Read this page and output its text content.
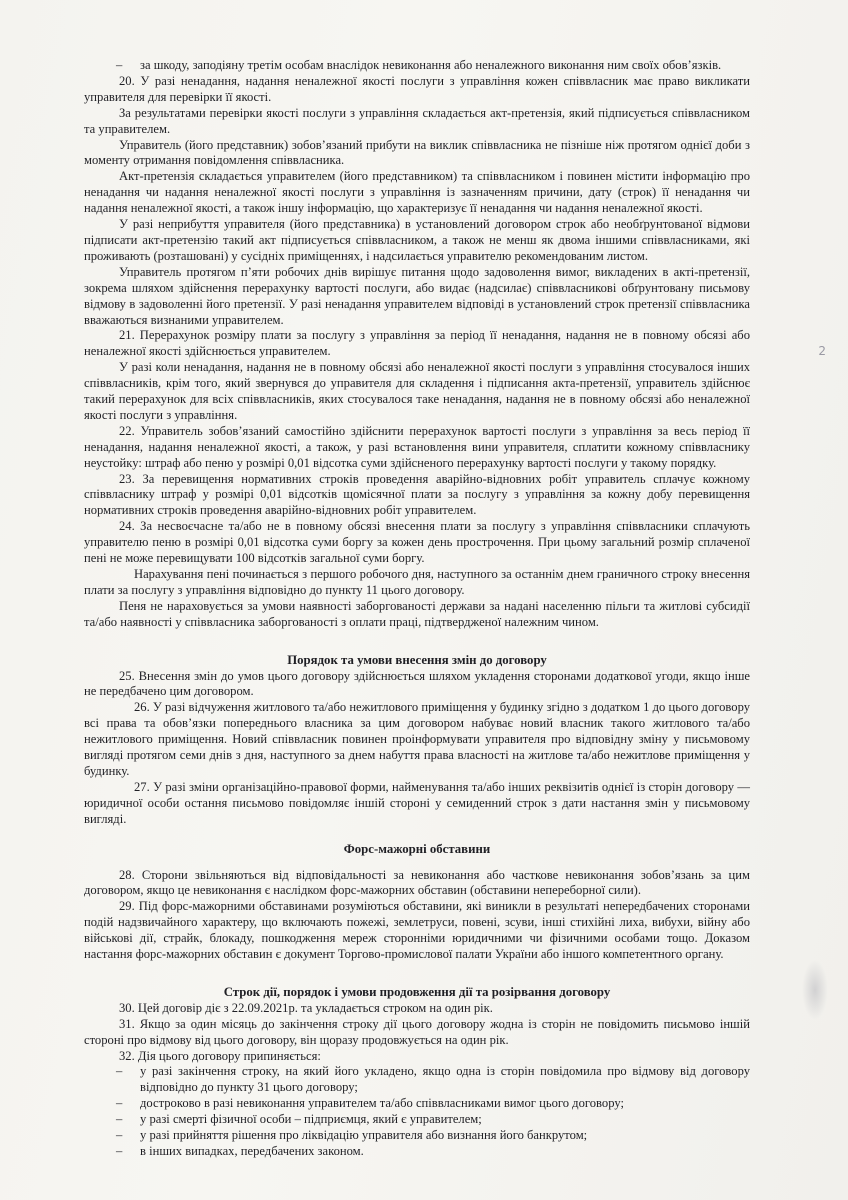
2
– за шкоду, заподіяну третім особам внаслідок невиконання або неналежного виконання ним своїх обов’язків.

20. У разі ненадання, надання неналежної якості послуги з управління кожен співвласник має право викликати управителя для перевірки її якості.

За результатами перевірки якості послуги з управління складається акт-претензія, який підписується співвласником та управителем.

Управитель (його представник) зобов’язаний прибути на виклик співвласника не пізніше ніж протягом однієї доби з моменту отримання повідомлення співвласника.

Акт-претензія складається управителем (його представником) та співвласником і повинен містити інформацію про ненадання чи надання неналежної якості послуги з управління із зазначенням причини, дату (строк) її ненадання чи надання неналежної якості, а також іншу інформацію, що характеризує її ненадання чи надання неналежної якості.

У разі неприбуття управителя (його представника) в установлений договором строк або необґрунтованої відмови підписати акт-претензію такий акт підписується співвласником, а також не менш як двома іншими співвласниками, які проживають (розташовані) у сусідніх приміщеннях, і надсилається управителю рекомендованим листом.

Управитель протягом п’яти робочих днів вирішує питання щодо задоволення вимог, викладених в акті-претензії, зокрема шляхом здійснення перерахунку вартості послуги, або видає (надсилає) співвласникові обґрунтовану письмову відмову в задоволенні його претензії. У разі ненадання управителем відповіді в установлений строк претензії співвласника вважаються визнаними управителем.

21. Перерахунок розміру плати за послугу з управління за період її ненадання, надання не в повному обсязі або неналежної якості здійснюється управителем.

У разі коли ненадання, надання не в повному обсязі або неналежної якості послуги з управління стосувалося інших співвласників, крім того, який звернувся до управителя для складення і підписання акта-претензії, управитель здійснює такий перерахунок для всіх співвласників, яких стосувалося таке ненадання, надання не в повному обсязі або неналежної якості послуги з управління.

22. Управитель зобов’язаний самостійно здійснити перерахунок вартості послуги з управління за весь період її ненадання, надання неналежної якості, а також, у разі встановлення вини управителя, сплатити кожному співвласнику неустойку: штраф або пеню у розмірі 0,01 відсотка суми здійсненого перерахунку вартості послуги у такому порядку.

23. За перевищення нормативних строків проведення аварійно-відновних робіт управитель сплачує кожному співвласнику штраф у розмірі 0,01 відсотків щомісячної плати за послугу з управління за кожну добу перевищення нормативних строків проведення аварійно-відновних робіт управителем.

24. За несвоєчасне та/або не в повному обсязі внесення плати за послугу з управління співвласники сплачують управителю пеню в розмірі 0,01 відсотка суми боргу за кожен день прострочення. При цьому загальний розмір сплаченої пені не може перевищувати 100 відсотків загальної суми боргу.

Нарахування пені починається з першого робочого дня, наступного за останнім днем граничного строку внесення плати за послугу з управління відповідно до пункту 11 цього договору.

Пеня не нараховується за умови наявності заборгованості держави за надані населенню пільги та житлові субсидії та/або наявності у співвласника заборгованості з оплати праці, підтвердженої належним чином.

Порядок та умови внесення змін до договору

25. Внесення змін до умов цього договору здійснюється шляхом укладення сторонами додаткової угоди, якщо інше не передбачено цим договором.

26. У разі відчуження житлового та/або нежитлового приміщення у будинку згідно з додатком 1 до цього договору всі права та обов’язки попереднього власника за цим договором набуває новий власник такого житлового та/або нежитлового приміщення. Новий співвласник повинен проінформувати управителя про відповідну зміну у письмовому вигляді протягом семи днів з дня, наступного за днем набуття права власності на житлове та/або нежитлове приміщення у будинку.

27. У разі зміни організаційно-правової форми, найменування та/або інших реквізитів однієї із сторін договору — юридичної особи остання письмово повідомляє іншій стороні у семиденний строк з дати настання змін у письмовому вигляді.

Форс-мажорні обставини

28. Сторони звільняються від відповідальності за невиконання або часткове невиконання зобов’язань за цим договором, якщо це невиконання є наслідком форс-мажорних обставин (обставини непереборної сили).

29. Під форс-мажорними обставинами розуміються обставини, які виникли в результаті непередбачених сторонами подій надзвичайного характеру, що включають пожежі, землетруси, повені, зсуви, інші стихійні лиха, вибухи, війну або військові дії, страйк, блокаду, пошкодження мереж сторонніми юридичними чи фізичними особами тощо. Доказом настання форс-мажорних обставин є документ Торгово-промислової палати України або іншого компетентного органу.

Строк дії, порядок і умови продовження дії та розірвання договору

30. Цей договір діє з 22.09.2021р. та укладається строком на один рік.

31. Якщо за один місяць до закінчення строку дії цього договору жодна із сторін не повідомить письмово іншій стороні про відмову від цього договору, він щоразу продовжується на один рік.

32. Дія цього договору припиняється:

– у разі закінчення строку, на який його укладено, якщо одна із сторін повідомила про відмову від договору відповідно до пункту 31 цього договору;
– достроково в разі невиконання управителем та/або співвласниками вимог цього договору;
– у разі смерті фізичної особи – підприємця, який є управителем;
– у разі прийняття рішення про ліквідацію управителя або визнання його банкрутом;
– в інших випадках, передбачених законом.
